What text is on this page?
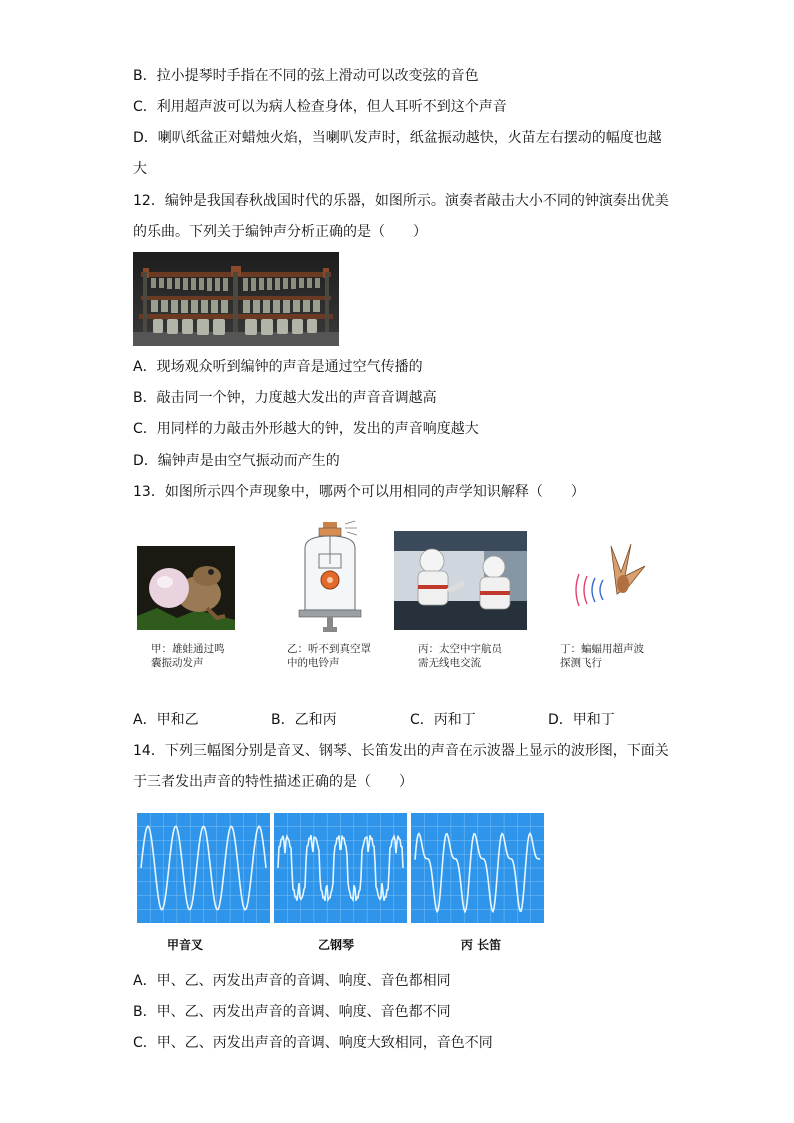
B．拉小提琴时手指在不同的弦上滑动可以改变弦的音色
C．利用超声波可以为病人检查身体，但人耳听不到这个声音
D．喇叭纸盆正对蜡烛火焰，当喇叭发声时，纸盆振动越快，火苗左右摆动的幅度也越
大
12．编钟是我国春秋战国时代的乐器，如图所示。演奏者敲击大小不同的钟演奏出优美
的乐曲。下列关于编钟声分析正确的是（　　）
A．现场观众听到编钟的声音是通过空气传播的
B．敲击同一个钟，力度越大发出的声音音调越高
C．用同样的力敲击外形越大的钟，发出的声音响度越大
D．编钟声是由空气振动而产生的
13．如图所示四个声现象中，哪两个可以用相同的声学知识解释（　　）
甲：雄蛙通过鸣
囊振动发声
乙：听不到真空罩
中的电铃声
丙：太空中宇航员
需无线电交流
丁：蝙蝠用超声波
探测飞行
A．甲和乙	B．乙和丙	C．丙和丁	D．甲和丁
14．下列三幅图分别是音叉、钢琴、长笛发出的声音在示波器上显示的波形图，下面关
于三者发出声音的特性描述正确的是（　　）
甲音叉	乙钢琴	丙 长笛
A．甲、乙、丙发出声音的音调、响度、音色都相同
B．甲、乙、丙发出声音的音调、响度、音色都不同
C．甲、乙、丙发出声音的音调、响度大致相同，音色不同
